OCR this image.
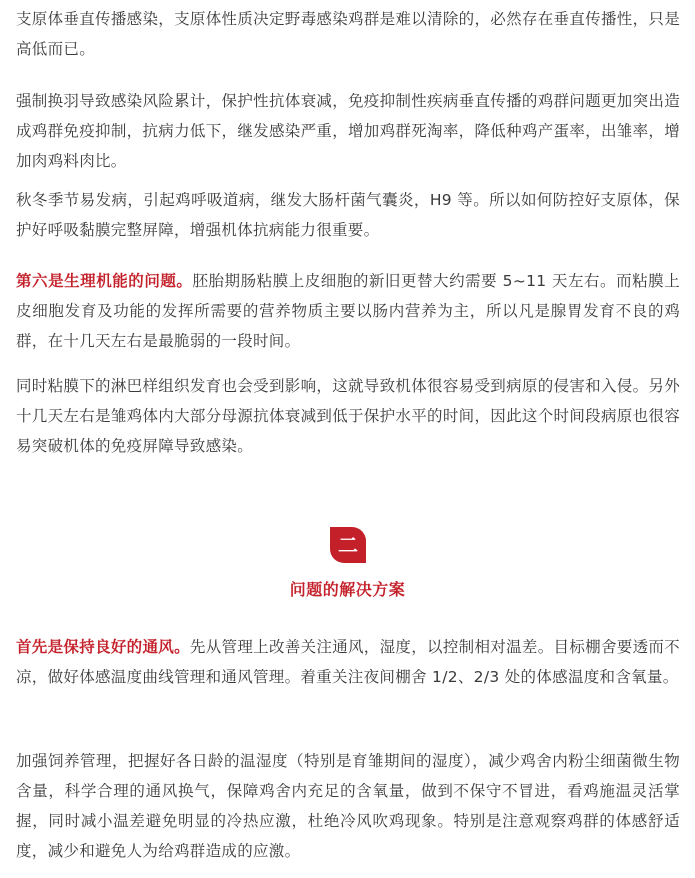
支原体垂直传播感染，支原体性质决定野毒感染鸡群是难以清除的，必然存在垂直传播性，只是高低而已。

强制换羽导致感染风险累计，保护性抗体衰减，免疫抑制性疾病垂直传播的鸡群问题更加突出造成鸡群免疫抑制，抗病力低下，继发感染严重，增加鸡群死淘率，降低种鸡产蛋率，出雏率，增加肉鸡料肉比。

秋冬季节易发病，引起鸡呼吸道病，继发大肠杆菌气囊炎，H9 等。所以如何防控好支原体，保护好呼吸黏膜完整屏障，增强机体抗病能力很重要。

第六是生理机能的问题。胚胎期肠粘膜上皮细胞的新旧更替大约需要 5~11 天左右。而粘膜上皮细胞发育及功能的发挥所需要的营养物质主要以肠内营养为主，所以凡是腺胃发育不良的鸡群，在十几天左右是最脆弱的一段时间。

同时粘膜下的淋巴样组织发育也会受到影响，这就导致机体很容易受到病原的侵害和入侵。另外十几天左右是雏鸡体内大部分母源抗体衰减到低于保护水平的时间，因此这个时间段病原也很容易突破机体的免疫屏障导致感染。

首先是保持良好的通风。先从管理上改善关注通风，湿度，以控制相对温差。目标棚舍要透而不凉，做好体感温度曲线管理和通风管理。着重关注夜间棚舍 1/2、2/3 处的体感温度和含氧量。

加强饲养管理，把握好各日龄的温湿度（特别是育雏期间的湿度），减少鸡舍内粉尘细菌微生物含量，科学合理的通风换气，保障鸡舍内充足的含氧量，做到不保守不冒进，看鸡施温灵活掌握，同时减小温差避免明显的冷热应激，杜绝冷风吹鸡现象。特别是注意观察鸡群的体感舒适度，减少和避免人为给鸡群造成的应激。

二
问题的解决方案
